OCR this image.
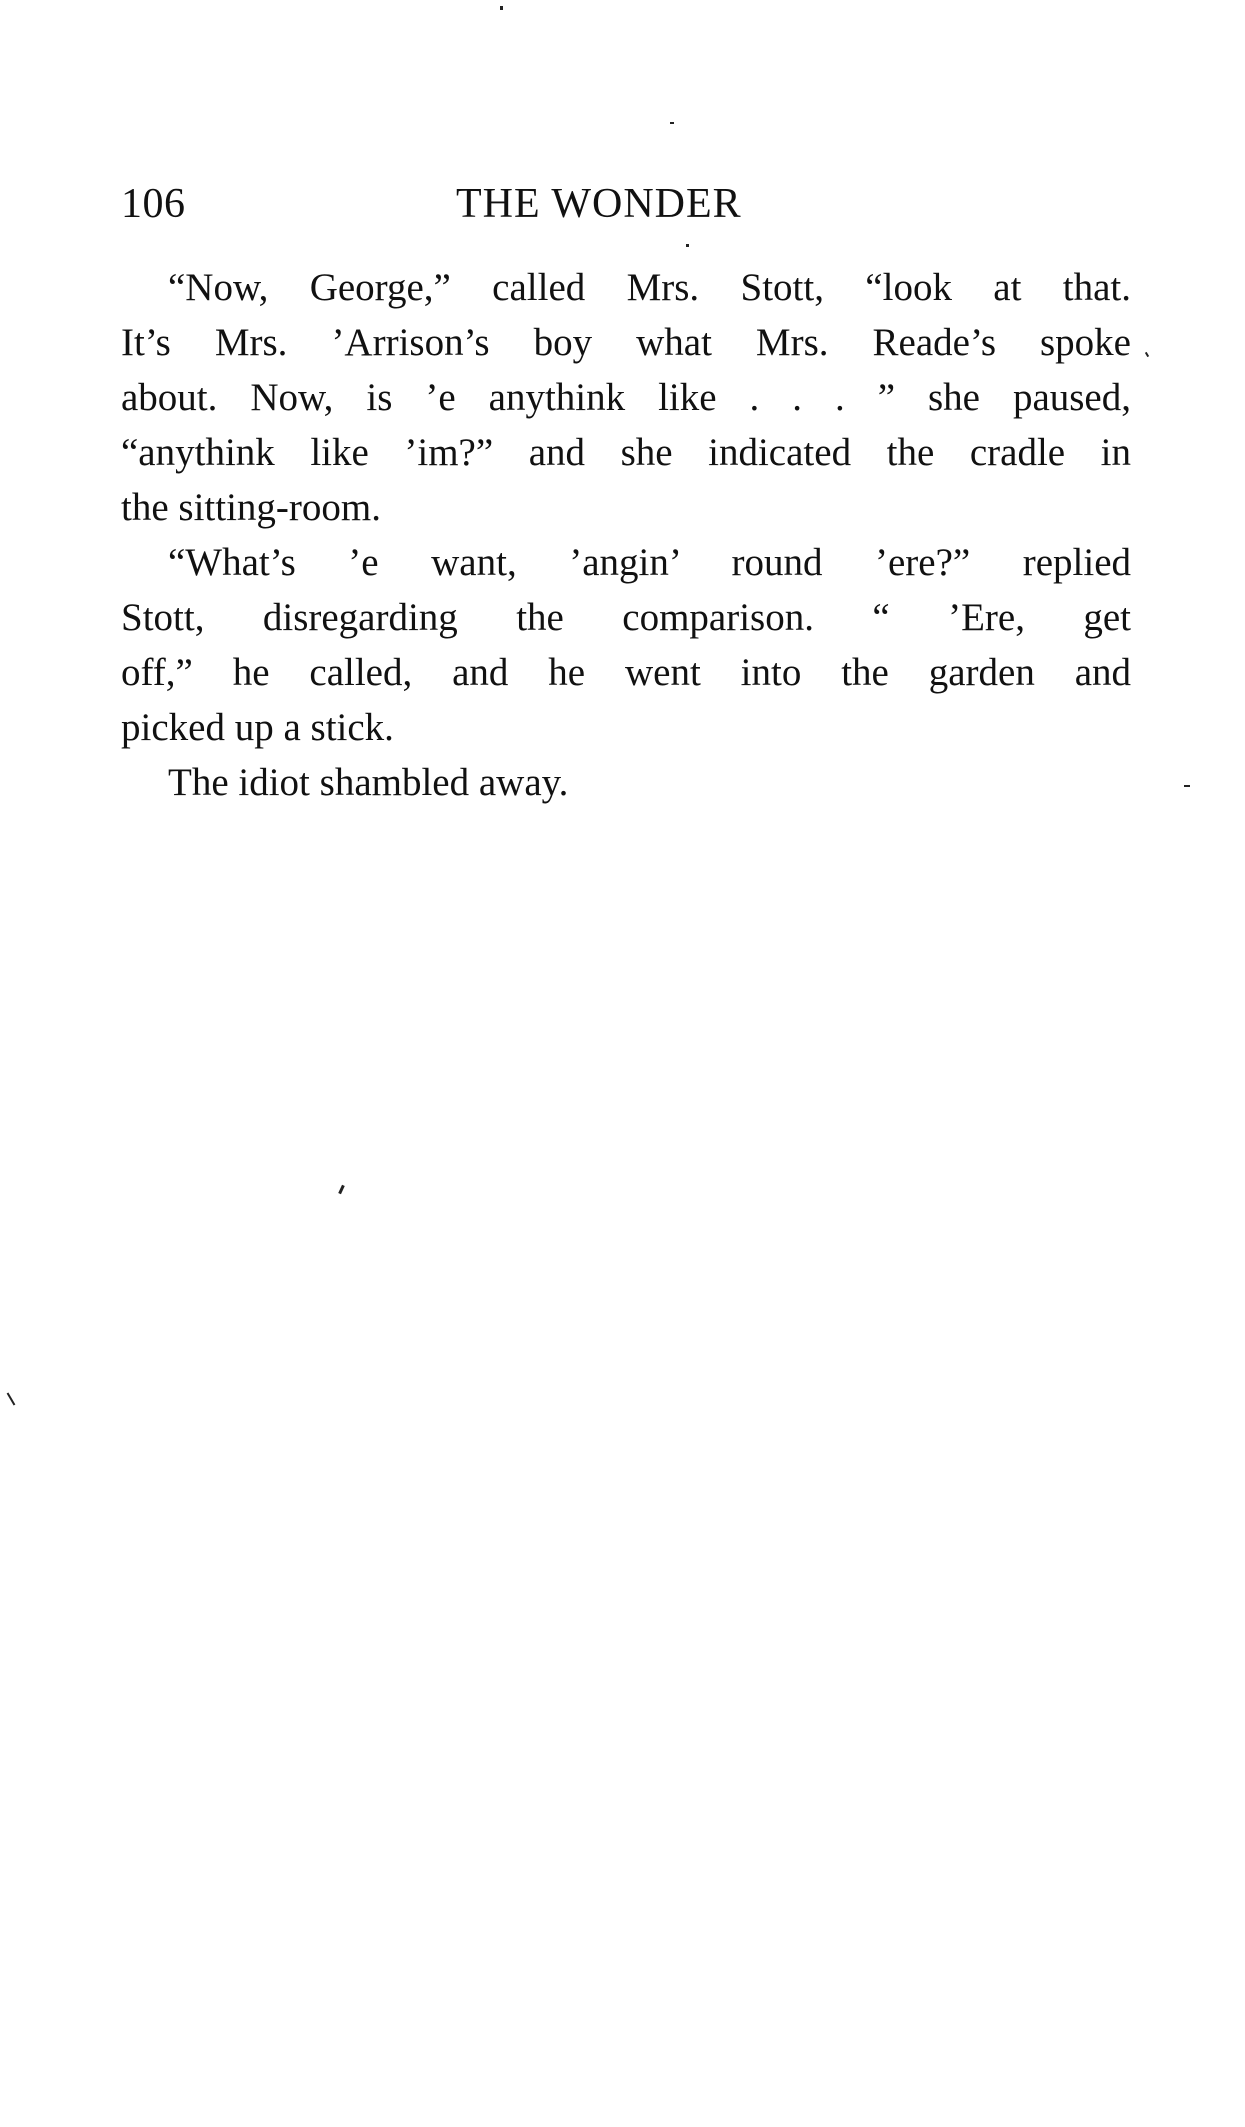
106	THE WONDER
“Now, George,” called Mrs. Stott, “look at that.
It’s Mrs. ’Arrison’s boy what Mrs. Reade’s spoke
about. Now, is ’e anythink like . . . ” she paused,
“anythink like ’im?” and she indicated the cradle in
the sitting-room.
“What’s ’e want, ’angin’ round ’ere?” replied
Stott, disregarding the comparison. “ ’Ere, get
off,” he called, and he went into the garden and
picked up a stick.
The idiot shambled away.
